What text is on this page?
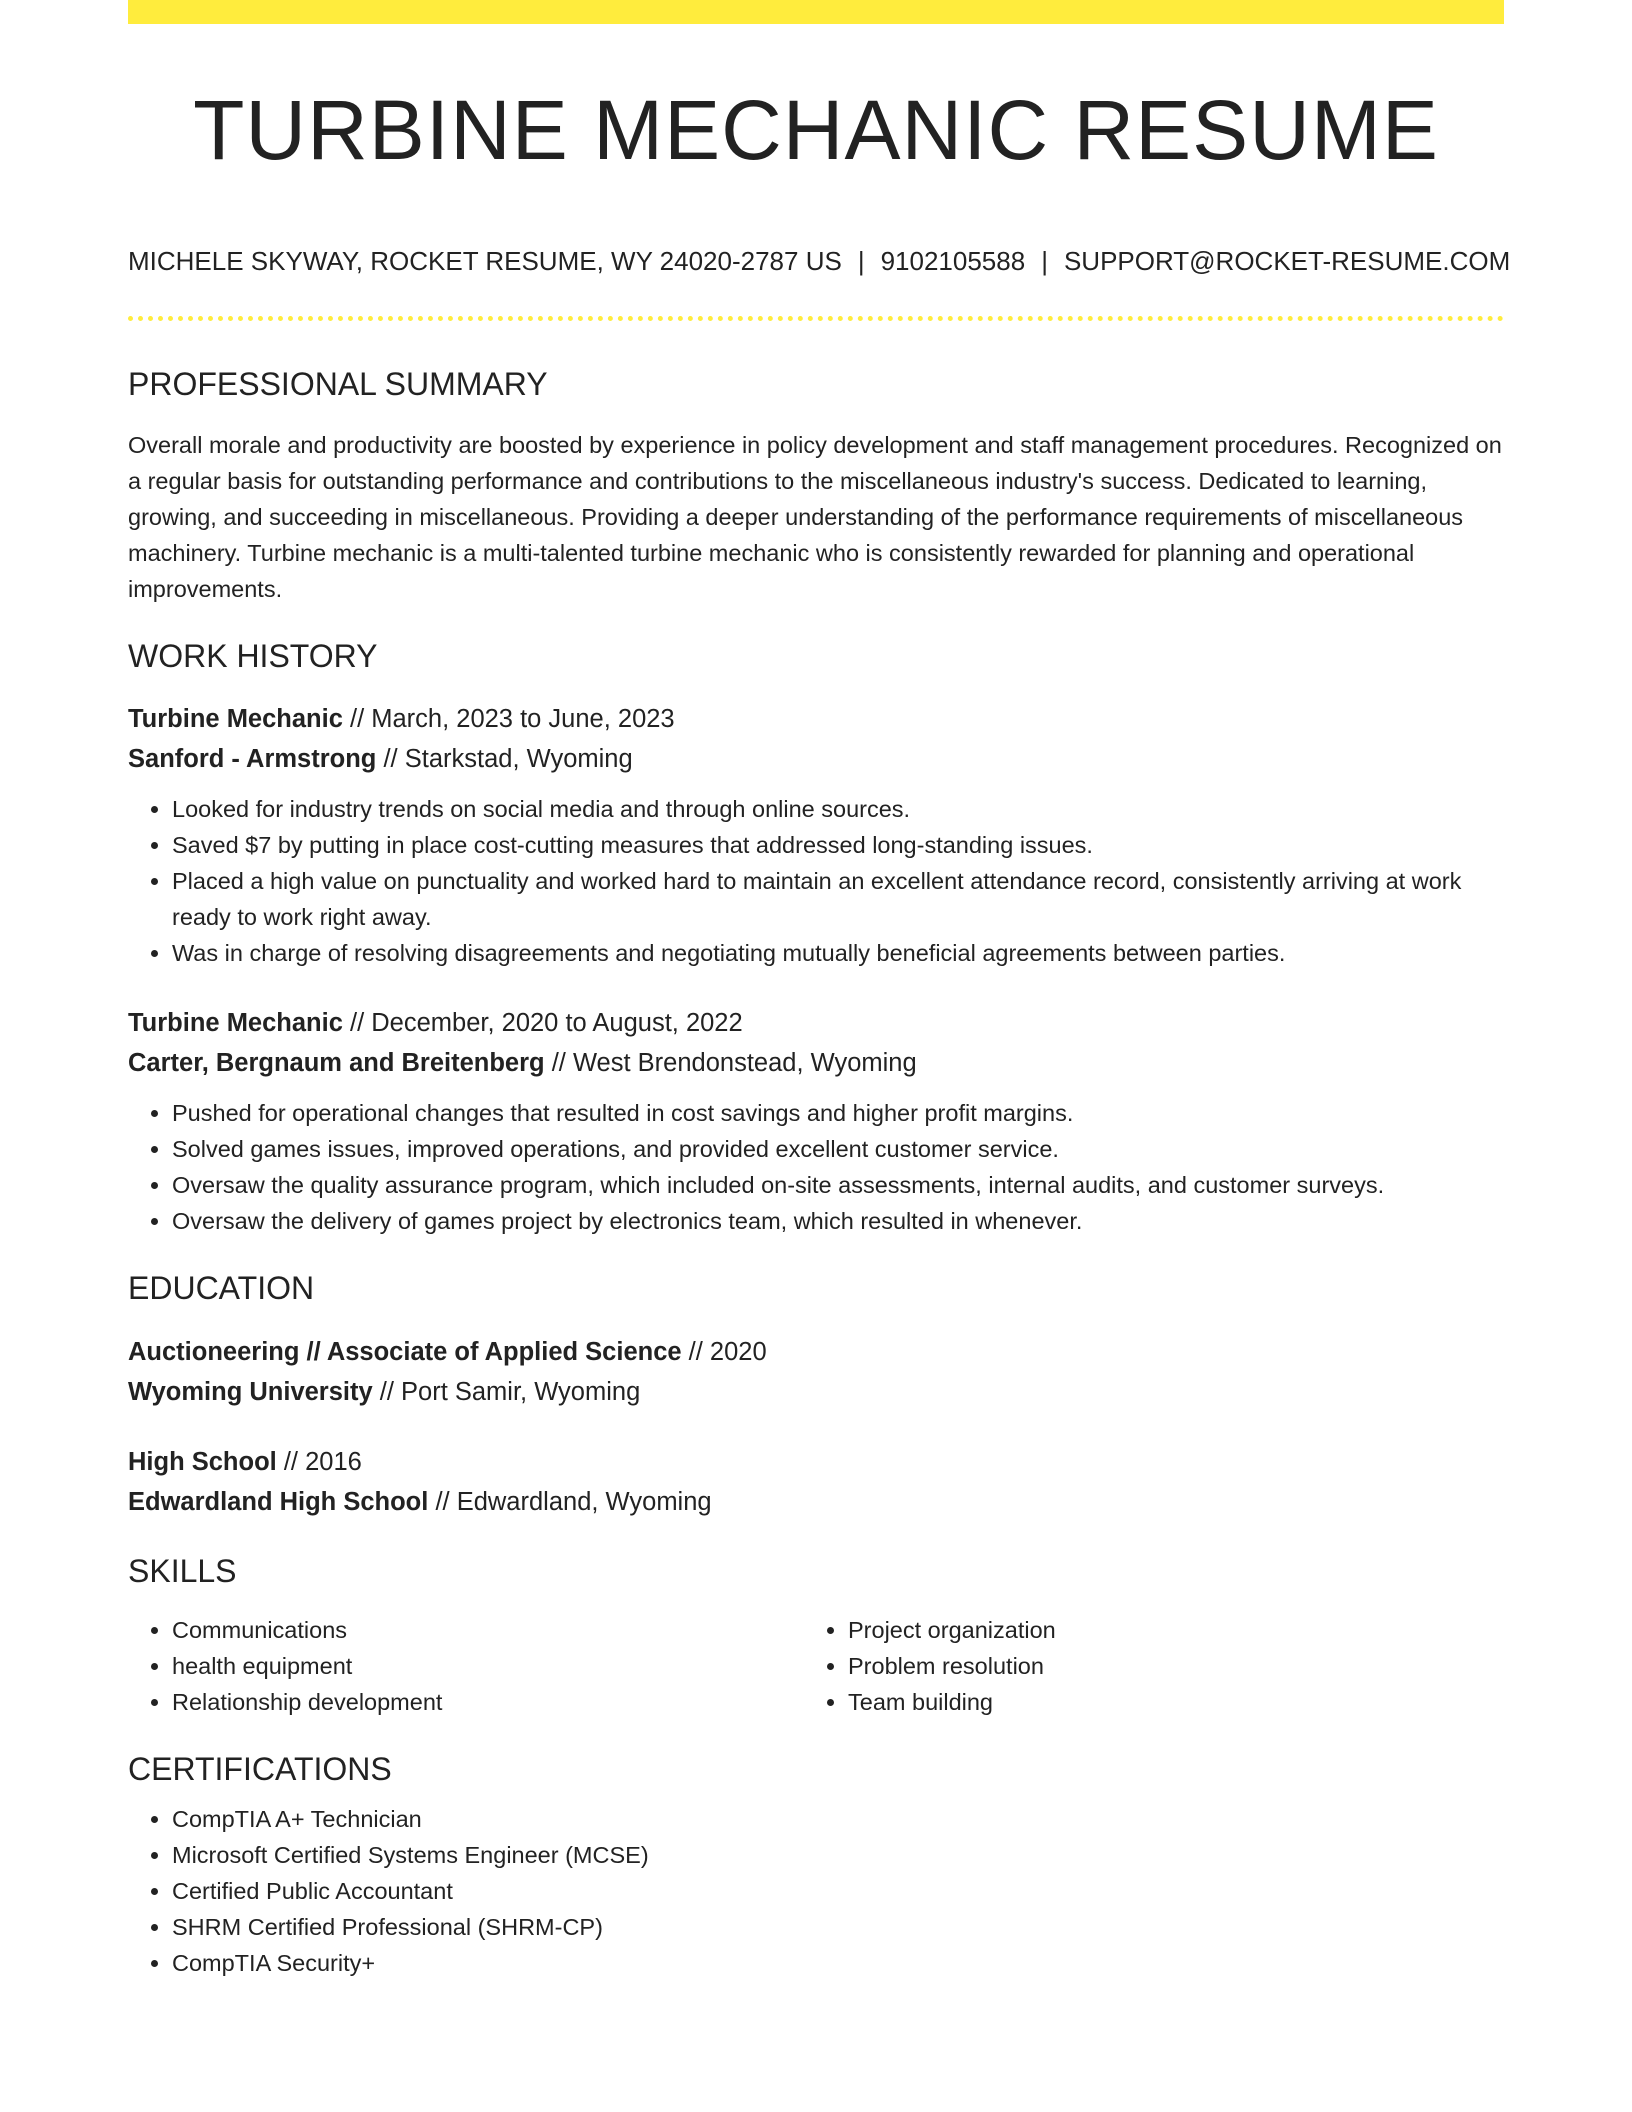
TURBINE MECHANIC RESUME
MICHELE SKYWAY, ROCKET RESUME, WY 24020-2787 US | 9102105588 | SUPPORT@ROCKET-RESUME.COM
PROFESSIONAL SUMMARY
Overall morale and productivity are boosted by experience in policy development and staff management procedures. Recognized on a regular basis for outstanding performance and contributions to the miscellaneous industry's success. Dedicated to learning, growing, and succeeding in miscellaneous. Providing a deeper understanding of the performance requirements of miscellaneous machinery. Turbine mechanic is a multi-talented turbine mechanic who is consistently rewarded for planning and operational improvements.
WORK HISTORY
Turbine Mechanic // March, 2023 to June, 2023
Sanford - Armstrong // Starkstad, Wyoming
• Looked for industry trends on social media and through online sources.
• Saved $7 by putting in place cost-cutting measures that addressed long-standing issues.
• Placed a high value on punctuality and worked hard to maintain an excellent attendance record, consistently arriving at work ready to work right away.
• Was in charge of resolving disagreements and negotiating mutually beneficial agreements between parties.
Turbine Mechanic // December, 2020 to August, 2022
Carter, Bergnaum and Breitenberg // West Brendonstead, Wyoming
• Pushed for operational changes that resulted in cost savings and higher profit margins.
• Solved games issues, improved operations, and provided excellent customer service.
• Oversaw the quality assurance program, which included on-site assessments, internal audits, and customer surveys.
• Oversaw the delivery of games project by electronics team, which resulted in whenever.
EDUCATION
Auctioneering // Associate of Applied Science // 2020
Wyoming University // Port Samir, Wyoming
High School // 2016
Edwardland High School // Edwardland, Wyoming
SKILLS
• Communications
• health equipment
• Relationship development
• Project organization
• Problem resolution
• Team building
CERTIFICATIONS
• CompTIA A+ Technician
• Microsoft Certified Systems Engineer (MCSE)
• Certified Public Accountant
• SHRM Certified Professional (SHRM-CP)
• CompTIA Security+
